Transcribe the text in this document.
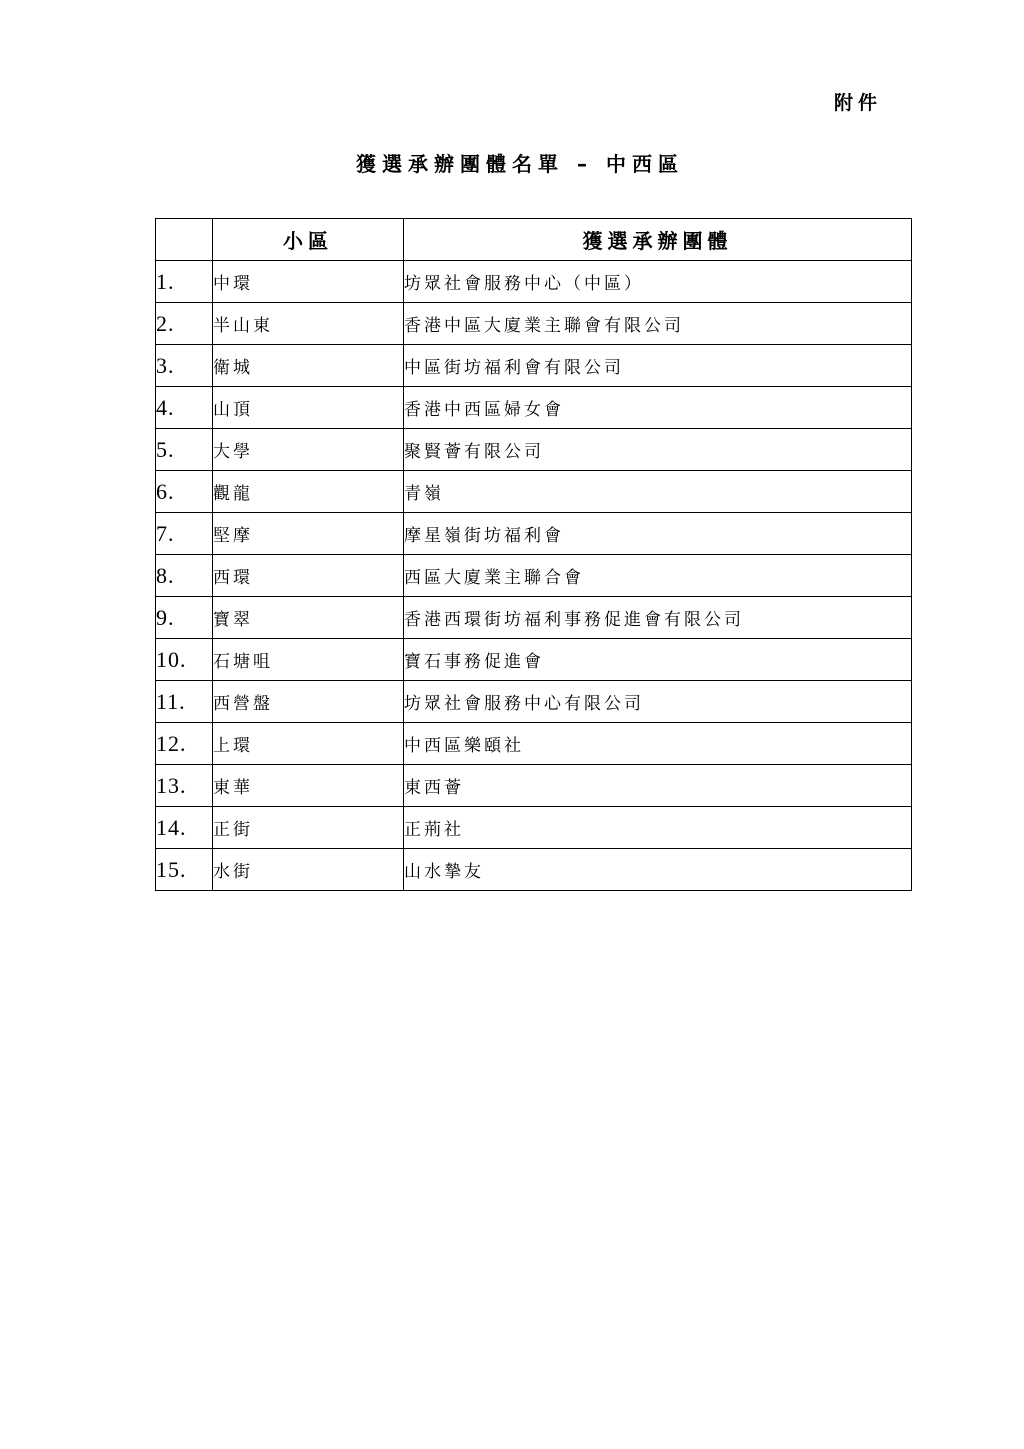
附件
獲選承辦團體名單 – 中西區
	小區	獲選承辦團體
1.	中環	坊眾社會服務中心（中區）
2.	半山東	香港中區大廈業主聯會有限公司
3.	衛城	中區街坊福利會有限公司
4.	山頂	香港中西區婦女會
5.	大學	聚賢薈有限公司
6.	觀龍	青嶺
7.	堅摩	摩星嶺街坊福利會
8.	西環	西區大廈業主聯合會
9.	寶翠	香港西環街坊福利事務促進會有限公司
10.	石塘咀	寶石事務促進會
11.	西營盤	坊眾社會服務中心有限公司
12.	上環	中西區樂頤社
13.	東華	東西薈
14.	正街	正荊社
15.	水街	山水摯友
